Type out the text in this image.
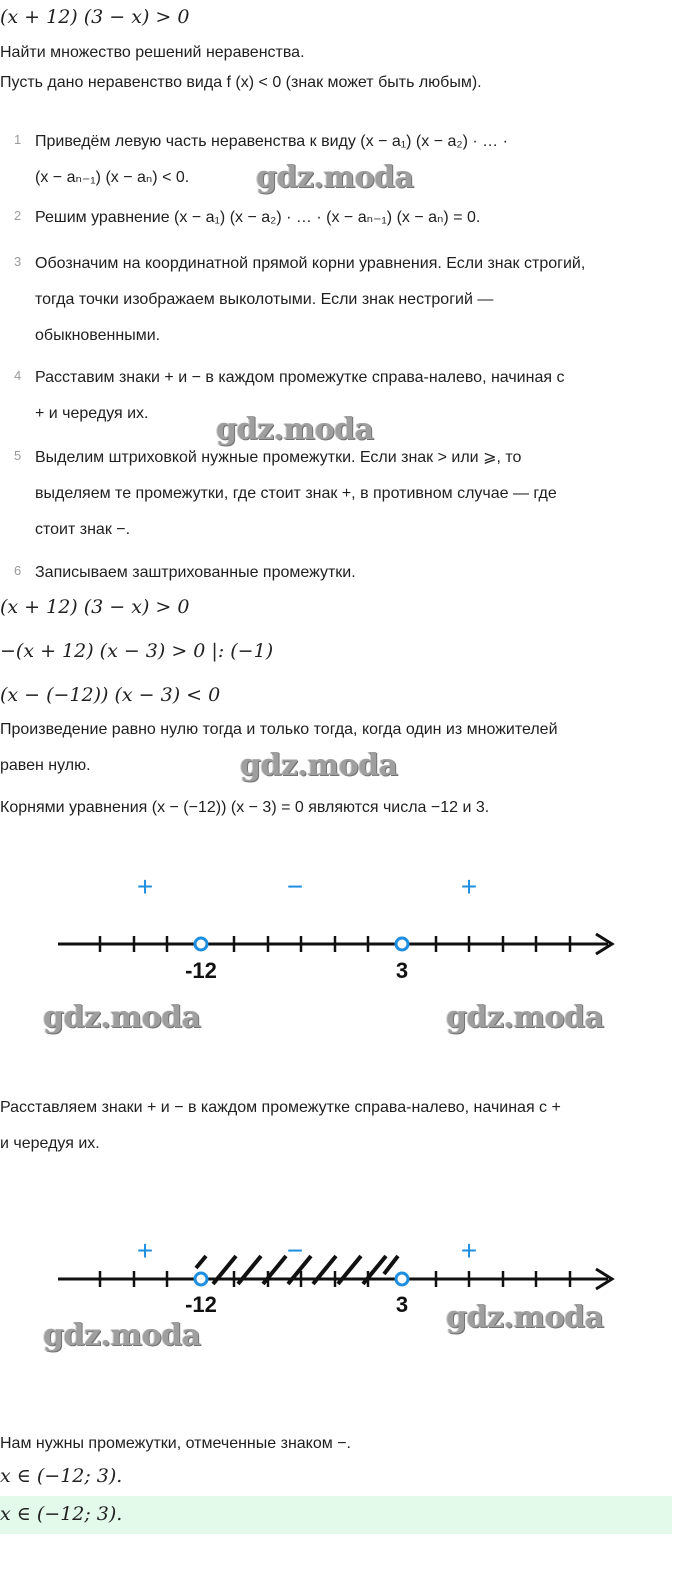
(x + 12) (3 − x) > 0
Найти множество решений неравенства.
Пусть дано неравенство вида f (x) < 0 (знак может быть любым).
1 Приведём левую часть неравенства к виду (x − a₁) (x − a₂) · … ·
(x − aₙ₋₁) (x − aₙ) < 0.
2 Решим уравнение (x − a₁) (x − a₂) · … · (x − aₙ₋₁) (x − aₙ) = 0.
3 Обозначим на координатной прямой корни уравнения. Если знак строгий,
тогда точки изображаем выколотыми. Если знак нестрогий —
обыкновенными.
4 Расставим знаки + и − в каждом промежутке справа-налево, начиная с
+ и чередуя их.
5 Выделим штриховкой нужные промежутки. Если знак > или ⩾, то
выделяем те промежутки, где стоит знак +, в противном случае — где
стоит знак −.
6 Записываем заштрихованные промежутки.
(x + 12) (3 − x) > 0
−(x + 12) (x − 3) > 0 |: (−1)
(x − (−12)) (x − 3) < 0
Произведение равно нулю тогда и только тогда, когда один из множителей
равен нулю.
Корнями уравнения (x − (−12)) (x − 3) = 0 являются числа −12 и 3.
-12	3
+	−	+
Расставляем знаки + и − в каждом промежутке справа-налево, начиная с +
и чередуя их.
-12	3
+	−	+
Нам нужны промежутки, отмеченные знаком −.
x ∈ (−12; 3).
x ∈ (−12; 3).
gdz.moda
gdz.moda
gdz.moda
gdz.moda	gdz.moda
gdz.moda
gdz.moda
